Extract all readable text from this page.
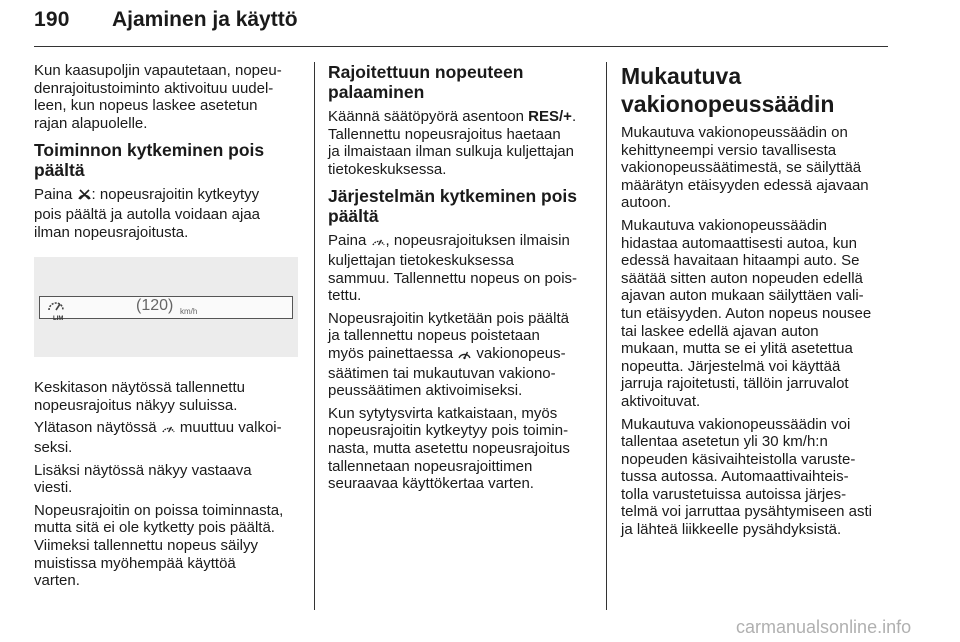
190 Ajaminen ja käyttö

Kun kaasupoljin vapautetaan, nopeu-
denrajoitustoiminto aktivoituu uudel-
leen, kun nopeus laskee asetetun
rajan alapuolelle.

Toiminnon kytkeminen pois
päältä

Paina : nopeusrajoitin kytkeytyy
pois päältä ja autolla voidaan ajaa
ilman nopeusrajoitusta.

LIM
(120) km/h

Keskitason näytössä tallennettu
nopeusrajoitus näkyy suluissa.

Ylätason näytössä  muuttuu valkoi-
seksi.

Lisäksi näytössä näkyy vastaava
viesti.

Nopeusrajoitin on poissa toiminnasta,
mutta sitä ei ole kytketty pois päältä.
Viimeksi tallennettu nopeus säilyy
muistissa myöhempää käyttöä
varten.

Rajoitettuun nopeuteen
palaaminen

Käännä säätöpyörä asentoon RES/+.
Tallennettu nopeusrajoitus haetaan
ja ilmaistaan ilman sulkuja kuljettajan
tietokeskuksessa.

Järjestelmän kytkeminen pois
päältä

Paina , nopeusrajoituksen ilmaisin
kuljettajan tietokeskuksessa
sammuu. Tallennettu nopeus on pois-
tettu.

Nopeusrajoitin kytketään pois päältä
ja tallennettu nopeus poistetaan
myös painettaessa  vakionopeus-
säätimen tai mukautuvan vakiono-
peussäätimen aktivoimiseksi.

Kun sytytysvirta katkaistaan, myös
nopeusrajoitin kytkeytyy pois toimin-
nasta, mutta asetettu nopeusrajoitus
tallennetaan nopeusrajoittimen
seuraavaa käyttökertaa varten.

Mukautuva
vakionopeussäädin

Mukautuva vakionopeussäädin on
kehittyneempi versio tavallisesta
vakionopeussäätimestä, se säilyttää
määrätyn etäisyyden edessä ajavaan
autoon.

Mukautuva vakionopeussäädin
hidastaa automaattisesti autoa, kun
edessä havaitaan hitaampi auto. Se
säätää sitten auton nopeuden edellä
ajavan auton mukaan säilyttäen vali-
tun etäisyyden. Auton nopeus nousee
tai laskee edellä ajavan auton
mukaan, mutta se ei ylitä asetettua
nopeutta. Järjestelmä voi käyttää
jarruja rajoitetusti, tällöin jarruvalot
aktivoituvat.

Mukautuva vakionopeussäädin voi
tallentaa asetetun yli 30 km/h:n
nopeuden käsivaihteistolla varuste-
tussa autossa. Automaattivaihteis-
tolla varustetuissa autoissa järjes-
telmä voi jarruttaa pysähtymiseen asti
ja lähteä liikkeelle pysähdyksistä.

carmanualsonline.info
